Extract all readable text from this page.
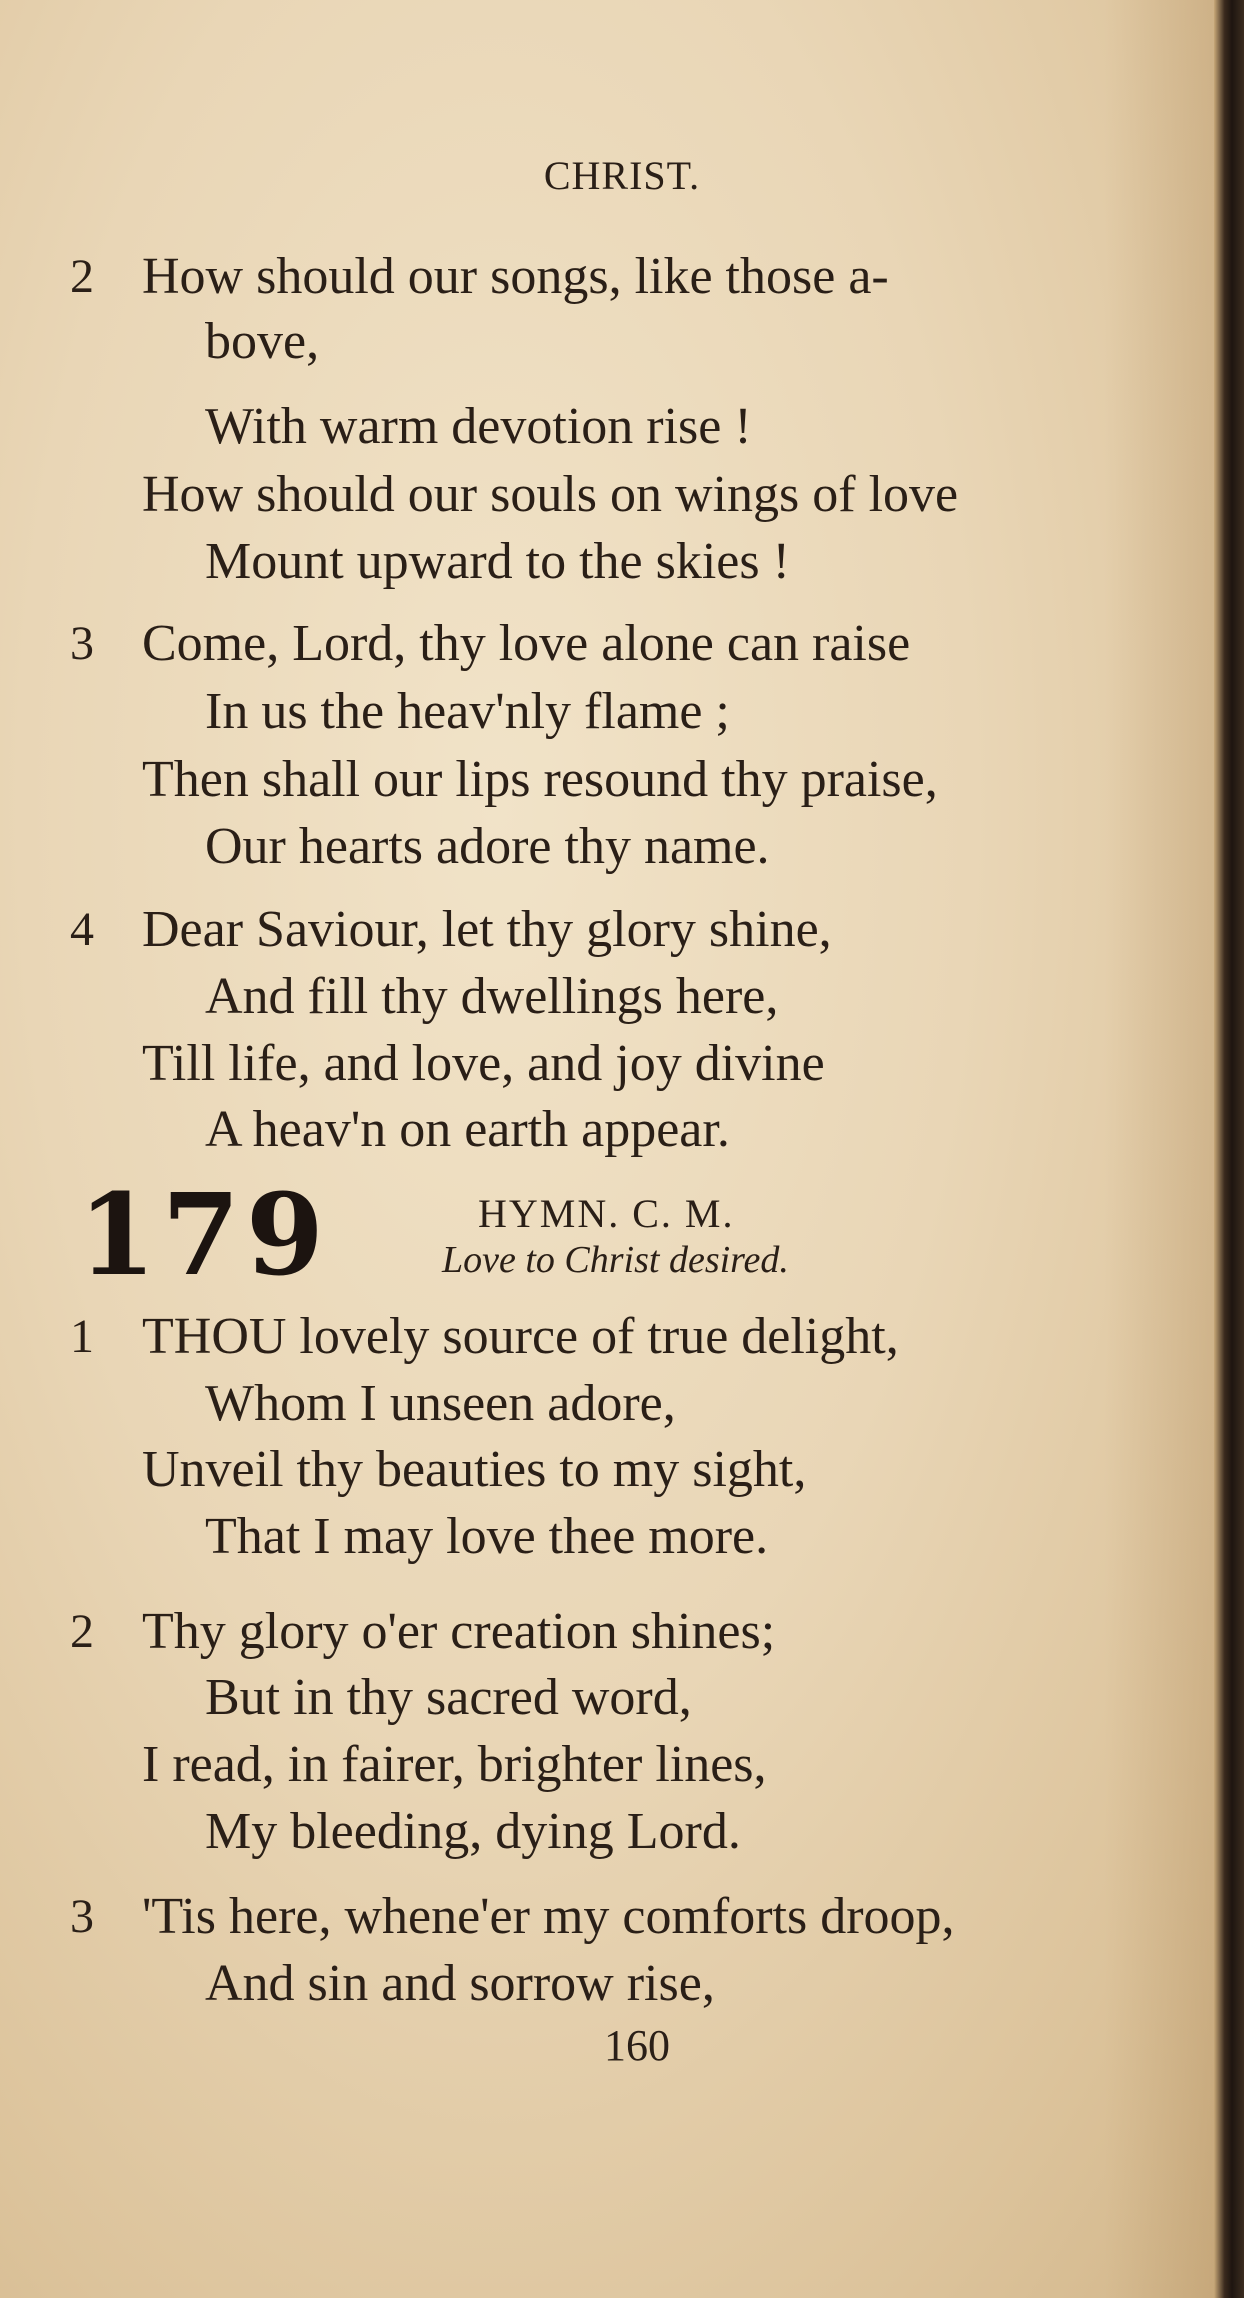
CHRIST.
2 How should our songs, like those a-
bove,
With warm devotion rise !
How should our souls on wings of love
Mount upward to the skies !
3 Come, Lord, thy love alone can raise
In us the heav'nly flame ;
Then shall our lips resound thy praise,
Our hearts adore thy name.
4 Dear Saviour, let thy glory shine,
And fill thy dwellings here,
Till life, and love, and joy divine
A heav'n on earth appear.
179	HYMN. C. M.
Love to Christ desired.
1 THOU lovely source of true delight,
Whom I unseen adore,
Unveil thy beauties to my sight,
That I may love thee more.
2 Thy glory o'er creation shines;
But in thy sacred word,
I read, in fairer, brighter lines,
My bleeding, dying Lord.
3 'Tis here, whene'er my comforts droop,
And sin and sorrow rise,
160
